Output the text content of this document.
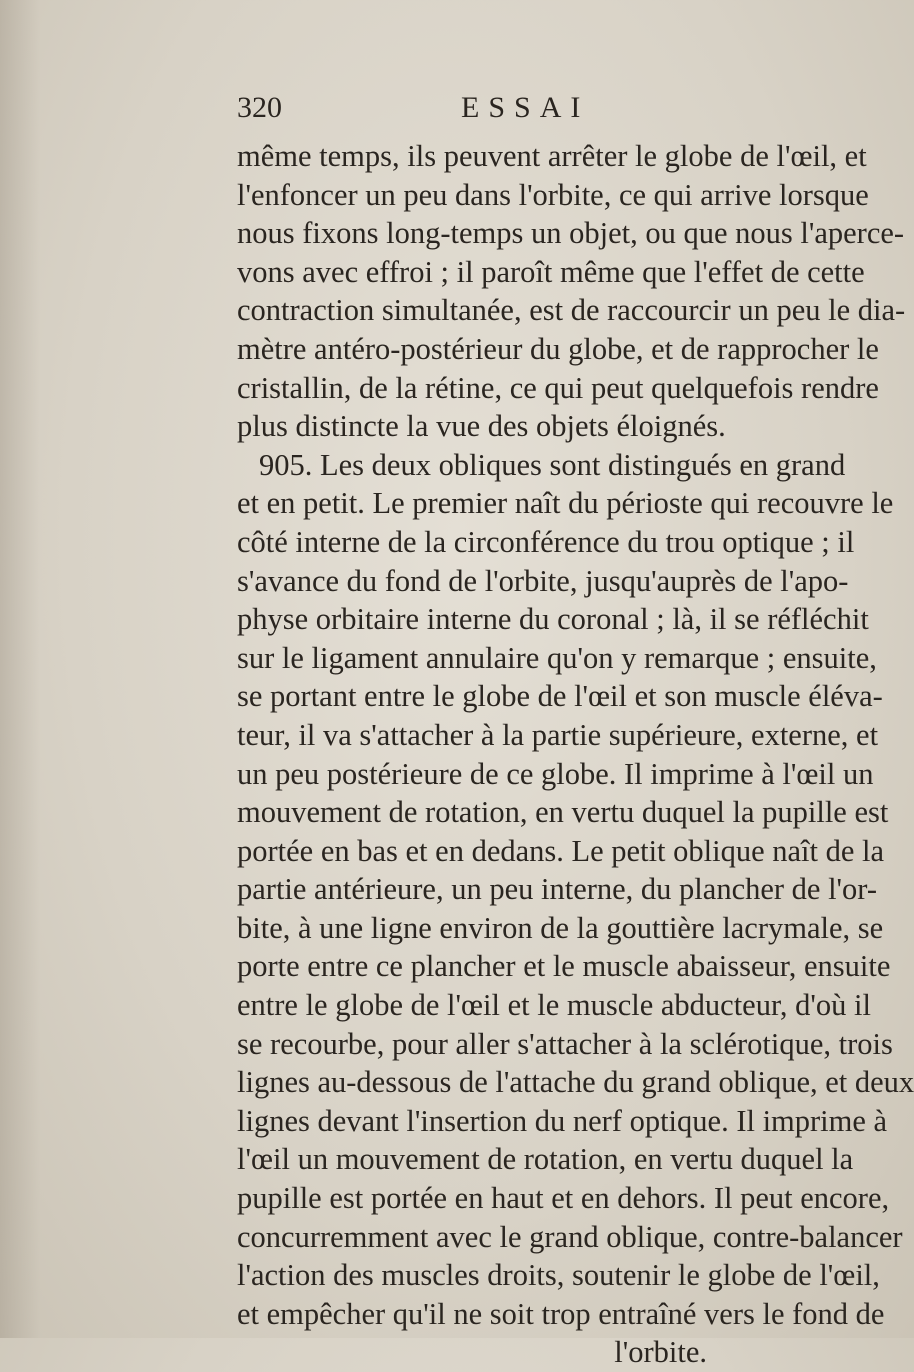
320	ESSAI
même temps, ils peuvent arrêter le globe de l'œil, et
l'enfoncer un peu dans l'orbite, ce qui arrive lorsque
nous fixons long-temps un objet, ou que nous l'aperce-
vons avec effroi ; il paroît même que l'effet de cette
contraction simultanée, est de raccourcir un peu le dia-
mètre antéro-postérieur du globe, et de rapprocher le
cristallin, de la rétine, ce qui peut quelquefois rendre
plus distincte la vue des objets éloignés.
905. Les deux obliques sont distingués en grand
et en petit. Le premier naît du périoste qui recouvre le
côté interne de la circonférence du trou optique ; il
s'avance du fond de l'orbite, jusqu'auprès de l'apo-
physe orbitaire interne du coronal ; là, il se réfléchit
sur le ligament annulaire qu'on y remarque ; ensuite,
se portant entre le globe de l'œil et son muscle éléva-
teur, il va s'attacher à la partie supérieure, externe, et
un peu postérieure de ce globe. Il imprime à l'œil un
mouvement de rotation, en vertu duquel la pupille est
portée en bas et en dedans. Le petit oblique naît de la
partie antérieure, un peu interne, du plancher de l'or-
bite, à une ligne environ de la gouttière lacrymale, se
porte entre ce plancher et le muscle abaisseur, ensuite
entre le globe de l'œil et le muscle abducteur, d'où il
se recourbe, pour aller s'attacher à la sclérotique, trois
lignes au-dessous de l'attache du grand oblique, et deux
lignes devant l'insertion du nerf optique. Il imprime à
l'œil un mouvement de rotation, en vertu duquel la
pupille est portée en haut et en dehors. Il peut encore,
concurremment avec le grand oblique, contre-balancer
l'action des muscles droits, soutenir le globe de l'œil,
et empêcher qu'il ne soit trop entraîné vers le fond de
l'orbite.
